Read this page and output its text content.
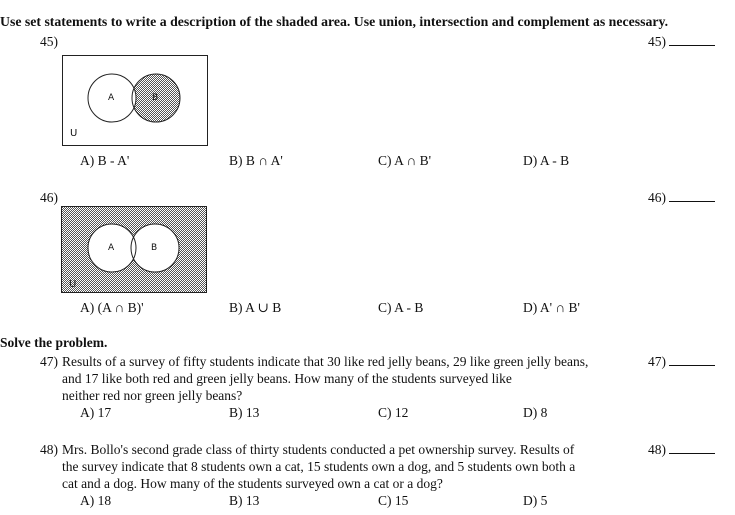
Use set statements to write a description of the shaded area. Use union, intersection and complement as necessary.
45)	45)
A	B
U
A) B - A'	B) B ∩ A'	C) A ∩ B'	D) A - B
46)	46)
A	B
U
A) (A ∩ B)'	B) A ∪ B	C) A - B	D) A' ∩ B'
Solve the problem.
47) Results of a survey of fifty students indicate that 30 like red jelly beans, 29 like green jelly beans,
and 17 like both red and green jelly beans. How many of the students surveyed like
neither red nor green jelly beans?
47)
A) 17	B) 13	C) 12	D) 8
48) Mrs. Bollo's second grade class of thirty students conducted a pet ownership survey. Results of
the survey indicate that 8 students own a cat, 15 students own a dog, and 5 students own both a
cat and a dog. How many of the students surveyed own a cat or a dog?
48)
A) 18	B) 13	C) 15	D) 5
